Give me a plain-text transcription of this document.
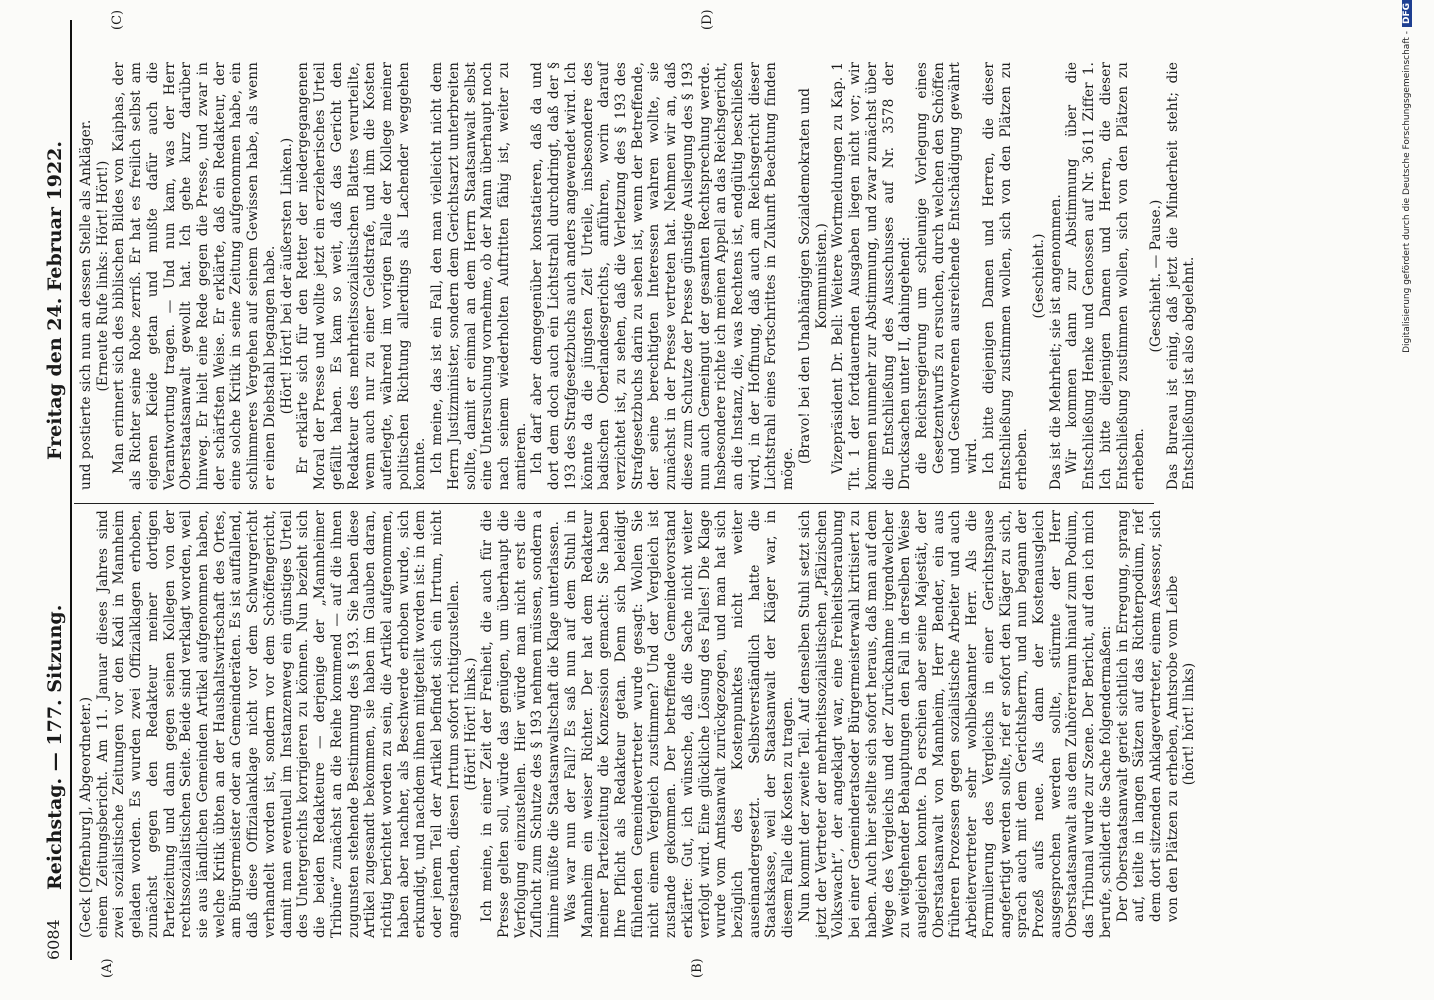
6084
Reichstag. — 177. Sitzung.
Freitag den 24. Februar 1922.
(A)	(B)
(C)	(D)

(Geck [Offenburg], Abgeordneter.) einem Zeitungsbericht. Am 11. Januar dieses Jahres sind zwei sozialistische Zeitungen vor den Kadi in Mannheim geladen worden. Es wurden zwei Offizialklagen erhoben, zunächst gegen den Redakteur meiner dortigen Parteizeitung und dann gegen seinen Kollegen von der rechtssozialistischen Seite. Beide sind verklagt worden, weil sie aus ländlichen Gemeinden Artikel aufgenommen haben, welche Kritik übten an der Haushaltswirtschaft des Ortes, am Bürgermeister oder an Gemeinderäten. Es ist auffallend, daß diese Offizialanklage nicht vor dem Schwurgericht verhandelt worden ist, sondern vor dem Schöffengericht, damit man eventuell im Instanzenweg ein günstiges Urteil des Untergerichts korrigieren zu können. Nun bezieht sich die beiden Redakteure — derjenige der „Mannheimer Tribüne“ zunächst an die Reihe kommend — auf die ihnen zugunsten stehende Bestimmung des § 193. Sie haben diese Artikel zugesandt bekommen, sie haben im Glauben daran, richtig berichtet worden zu sein, die Artikel aufgenommen, haben aber nachher, als Beschwerde erhoben wurde, sich erkundigt, und nachdem ihnen mitgeteilt worden ist: in dem oder jenem Teil der Artikel befindet sich ein Irrtum, nicht angestanden, diesen Irrtum sofort richtigzustellen. (Hört! Hört! links.) Ich meine, in einer Zeit der Freiheit, die auch für die Presse gelten soll, würde das genügen, um überhaupt die Verfolgung einzustellen. Hier würde man nicht erst die Zuflucht zum Schutze des § 193 nehmen müssen, sondern a limine müßte die Staatsanwaltschaft die Klage unterlassen. Was war nun der Fall? Es saß nun auf dem Stuhl in Mannheim ein weiser Richter. Der hat dem Redakteur meiner Parteizeitung die Konzession gemacht: Sie haben Ihre Pflicht als Redakteur getan. Denn sich beleidigt fühlenden Gemeindevertreter wurde gesagt: Wollen Sie nicht einem Vergleich zustimmen? Und der Vergleich ist zustande gekommen. Der betreffende Gemeindevorstand erklärte: Gut, ich wünsche, daß die Sache nicht weiter verfolgt wird. Eine glückliche Lösung des Falles! Die Klage wurde vom Amtsanwalt zurückgezogen, und man hat sich bezüglich des Kostenpunktes nicht weiter auseinandergesetzt. Selbstverständlich hatte die Staatskasse, weil der Staatsanwalt der Kläger war, in diesem Falle die Kosten zu tragen. Nun kommt der zweite Teil. Auf denselben Stuhl setzt sich jetzt der Vertreter der mehrheitssozialistischen „Pfälzischen Volkswacht“, der angeklagt war, eine Freiheitsberaubung bei einer Gemeinderatsoder Bürgermeisterwahl kritisiert zu haben. Auch hier stellte sich sofort heraus, daß man auf dem Wege des Vergleichs und der Zurücknahme irgendwelcher zu weitgehender Behauptungen den Fall in derselben Weise ausgleichen konnte. Da erschien aber seine Majestät, der Oberstaatsanwalt von Mannheim, Herr Bender, ein aus früheren Prozessen gegen sozialistische Arbeiter und auch Arbeitervertreter sehr wohlbekannter Herr. Als die Formulierung des Vergleichs in einer Gerichtspause angefertigt werden sollte, rief er sofort den Kläger zu sich, sprach auch mit dem Gerichtsherrn, und nun begann der Prozeß aufs neue. Als dann der Kostenausgleich ausgesprochen werden sollte, stürmte der Herr Oberstaatsanwalt aus dem Zuhörerraum hinauf zum Podium, das Tribunal wurde zur Szene. Der Bericht, auf den ich mich berufe, schildert die Sache folgendermaßen: Der Oberstaatsanwalt geriet sichtlich in Erregung, sprang auf, teilte in langen Sätzen auf das Richterpodium, rief dem dort sitzenden Anklagevertreter, einem Assessor, sich von den Plätzen zu erheben, Amtsrobe vom Leibe (hört! hört! links)

und postierte sich nun an dessen Stelle als Ankläger. (Erneute Rufe links: Hört! Hört!) Man erinnert sich des biblischen Bildes von Kaiphas, der als Richter seine Robe zerriß. Er hat es freilich selbst am eigenen Kleide getan und mußte dafür auch die Verantwortung tragen. — Und nun kam, was der Herr Oberstaatsanwalt gewollt hat. Ich gehe kurz darüber hinweg. Er hielt eine Rede gegen die Presse, und zwar in der schärfsten Weise. Er erklärte, daß ein Redakteur, der eine solche Kritik in seine Zeitung aufgenommen habe, ein schlimmeres Vergehen auf seinem Gewissen habe, als wenn er einen Diebstahl begangen habe. (Hört! Hört! bei der äußersten Linken.) Er erklärte sich für den Retter der niedergegangenen Moral der Presse und wollte jetzt ein erzieherisches Urteil gefällt haben. Es kam so weit, daß das Gericht den Redakteur des mehrheitssozialistischen Blattes verurteilte, wenn auch nur zu einer Geldstrafe, und ihm die Kosten auferlegte, während im vorigen Falle der Kollege meiner politischen Richtung allerdings als Lachender weggehen konnte. Ich meine, das ist ein Fall, den man vielleicht nicht dem Herrn Justizminister, sondern dem Gerichtsarzt unterbreiten sollte, damit er einmal an dem Herrn Staatsanwalt selbst eine Untersuchung vornehme, ob der Mann überhaupt noch nach seinem wiederholten Auftritten fähig ist, weiter zu amtieren. Ich darf aber demgegenüber konstatieren, daß da und dort dem doch auch ein Lichtstrahl durchdringt, daß der § 193 des Strafgesetzbuchs auch anders angewendet wird. Ich könnte da die jüngsten Zeit Urteile, insbesondere des badischen Oberlandesgerichts, anführen, worin darauf verzichtet ist, zu sehen, daß die Verletzung des § 193 des Strafgesetzbuchs darin zu sehen ist, wenn der Betreffende, der seine berechtigten Interessen wahren wollte, sie zunächst in der Presse vertreten hat. Nehmen wir an, daß diese zum Schutze der Presse günstige Auslegung des § 193 nun auch Gemeingut der gesamten Rechtsprechung werde. Insbesondere richte ich meinen Appell an das Reichsgericht, an die Instanz, die, was Rechtens ist, endgültig beschließen wird, in der Hoffnung, daß auch am Reichsgericht dieser Lichtstrahl eines Fortschrittes in Zukunft Beachtung finden möge.

(Bravo! bei den Unabhängigen Sozialdemokraten und Kommunisten.) Vizepräsident Dr. Bell: Weitere Wortmeldungen zu Kap. 1 Tit. 1 der fortdauernden Ausgaben liegen nicht vor; wir kommen nunmehr zur Abstimmung, und zwar zunächst über die Entschließung des Ausschusses auf Nr. 3578 der Drucksachen unter II, dahingehend: die Reichsregierung um schleunige Vorlegung eines Gesetzentwurfs zu ersuchen, durch welchen den Schöffen und Geschworenen ausreichende Entschädigung gewährt wird. Ich bitte diejenigen Damen und Herren, die dieser Entschließung zustimmen wollen, sich von den Plätzen zu erheben.

(Geschieht.) Das ist die Mehrheit; sie ist angenommen. Wir kommen dann zur Abstimmung über die Entschließung Henke und Genossen auf Nr. 3611 Ziffer 1. Ich bitte diejenigen Damen und Herren, die dieser Entschließung zustimmen wollen, sich von den Plätzen zu erheben.

(Geschieht. — Pause.) Das Bureau ist einig, daß jetzt die Minderheit steht; die Entschließung ist also abgelehnt.

Digitalisierung gefördert durch die Deutsche Forschungsgemeinschaft -DFG
